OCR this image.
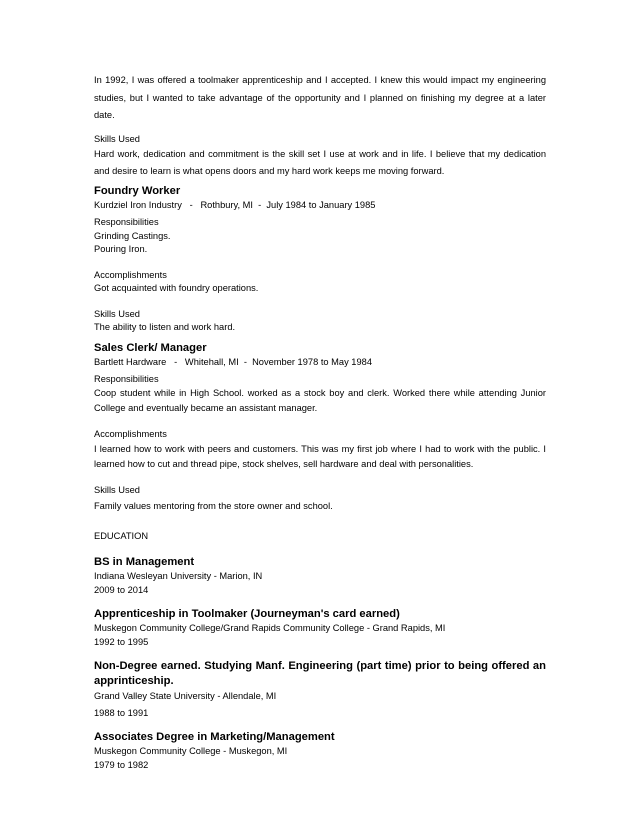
In 1992, I was offered a toolmaker apprenticeship and I accepted. I knew this would impact my engineering studies, but I wanted to take advantage of the opportunity and I planned on finishing my degree at a later date.

Skills Used

Hard work, dedication and commitment is the skill set I use at work and in life. I believe that my dedication and desire to learn is what opens doors and my hard work keeps me moving forward.

Foundry Worker

Kurdziel Iron Industry   -   Rothbury, MI  -  July 1984 to January 1985

Responsibilities

Grinding Castings.

Pouring Iron.

Accomplishments

Got acquainted with foundry operations.

Skills Used

The ability to listen and work hard.

Sales Clerk/ Manager

Bartlett Hardware   -   Whitehall, MI  -  November 1978 to May 1984

Responsibilities

Coop student while in High School. worked as a stock boy and clerk. Worked there while attending Junior College and eventually became an assistant manager.

Accomplishments

I learned how to work with peers and customers. This was my first job where I had to work with the public. I learned how to cut and thread pipe, stock shelves, sell hardware and deal with personalities.

Skills Used

Family values mentoring from the store owner and school.

EDUCATION

BS in Management

Indiana Wesleyan University - Marion, IN

2009 to 2014

Apprenticeship in Toolmaker (Journeyman's card earned)

Muskegon Community College/Grand Rapids Community College - Grand Rapids, MI

1992 to 1995

Non-Degree earned. Studying Manf. Engineering (part time) prior to being offered an apprinticeship.

Grand Valley State University - Allendale, MI

1988 to 1991

Associates Degree in Marketing/Management

Muskegon Community College - Muskegon, MI

1979 to 1982
